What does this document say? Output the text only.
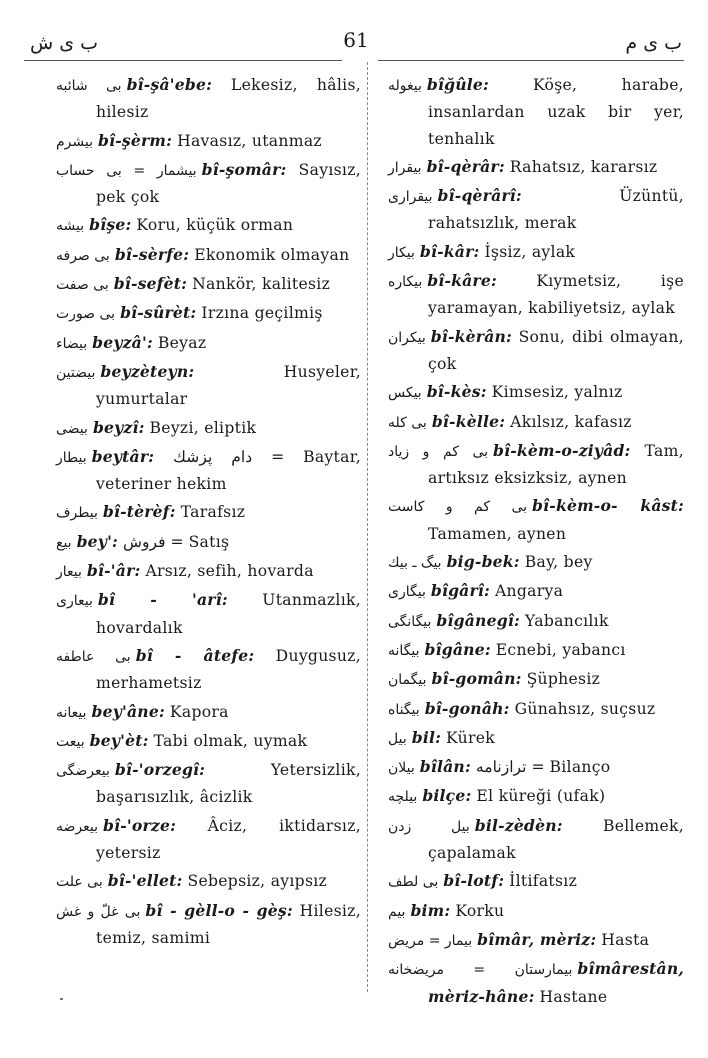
ب ى ش	61	ب ى م

بى شائبه bî-şâ'ebe: Lekesiz, hâlis, hilesiz

بيشرم bî-şèrm: Havasız, utanmaz

بيشمار = بى حساب bî-şomâr: Sayısız, pek çok

بيشه bîşe: Koru, küçük orman

بى صرفه bî-sèrfe: Ekonomik olmayan

بى صفت bî-sefèt: Nankör, kalitesiz

بى صورت bî-sûrèt: Irzına geçilmiş

بيضاء beyzâ': Beyaz

بيضتين beyzèteyn:	Husyeler, yumurtalar

بيضى beyzî: Beyzi, eliptik

بيطار beytâr: دام پزشك = Baytar, veteriner hekim

بيطرف bî-tèrèf: Tarafsız

بيع bey': فروش = Satış

بيعار bî-'âr: Arsız, sefih, hovarda

بيعارى bî - 'arî: Utanmazlık, hovardalık

بى عاطفه bî - âtefe: Duygusuz, merhametsiz

بيعانه bey'âne: Kapora

بيعت bey'èt: Tabi olmak, uymak

بيعرضگى bî-'orzegî:	Yetersizlik, başarısızlık, âcizlik

بيعرضه bî-'orze: Âciz, iktidarsız, yetersiz

بى علت bî-'ellet: Sebepsiz, ayıpsız

بى غلّ و غش bî - gèll-o - gèş: Hilesiz, temiz, samimi

بيغوله bîğûle:	Köşe, harabe, insanlardan uzak bir yer, tenhalık

بيقرار bî-qèrâr: Rahatsız, kararsız

بيقرارى bî-qèrârî:	Üzüntü, rahatsızlık, merak

بيكار bî-kâr: İşsiz, aylak

بيكاره bî-kâre:	Kıymetsiz, işe yaramayan, kabiliyetsiz, aylak

بيكران bî-kèrân: Sonu, dibi olmayan, çok

بيكس bî-kès: Kimsesiz, yalnız

بى كله bî-kèlle: Akılsız, kafasız

بى كم و زياد bî-kèm-o-ziyâd: Tam, artıksız eksizksiz, aynen

بى كم و كاست bî-kèm-o- kâst: Tamamen, aynen

بيگ ـ بيك big-bek: Bay, bey

بيگارى bîgârî: Angarya

بيگانگى bîgânegî: Yabancılık

بيگانه bîgâne: Ecnebi, yabancı

بيگمان bî-gomân: Şüphesiz

بيگناه bî-gonâh: Günahsız, suçsuz

بيل bil: Kürek

بيلان bîlân: ترازنامه = Bilanço

بيلچه bilçe: El küreği (ufak)

بيل زدن bil-zèdèn:	Bellemek, çapalamak

بى لطف bî-lotf: İltifatsız

بيم bim: Korku

بيمار = مريض bîmâr, mèriz: Hasta

بيمارستان = مريضخانه bîmârestân, mèriz-hâne: Hastane
